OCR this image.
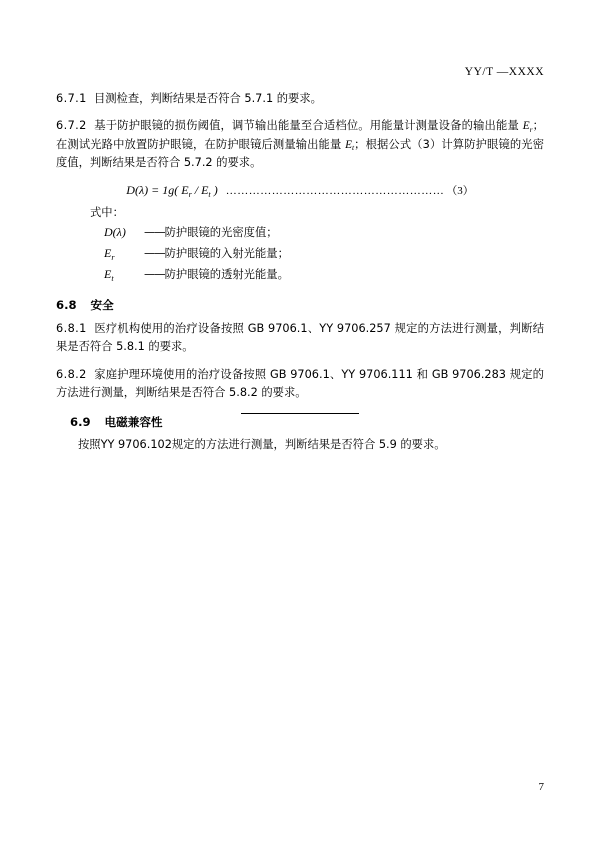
YY/T —XXXX

6.7.1 目测检查，判断结果是否符合 5.7.1 的要求。

6.7.2 基于防护眼镜的损伤阈值，调节输出能量至合适档位。用能量计测量设备的输出能量 $E_r$；在测试光路中放置防护眼镜，在防护眼镜后测量输出能量 $E_t$；根据公式（3）计算防护眼镜的光密度值，判断结果是否符合 5.7.2 的要求。

D(λ) = 1g( $E_r / E_t$ ) ………………………………………………… （3）
式中：
D(λ) ——防护眼镜的光密度值；
$E_r$	——防护眼镜的入射光能量；
$E_t$	——防护眼镜的透射光能量。
6.8 安全

6.8.1 医疗机构使用的治疗设备按照 GB 9706.1、YY 9706.257 规定的方法进行测量，判断结果是否符合 5.8.1 的要求。

6.8.2 家庭护理环境使用的治疗设备按照 GB 9706.1、YY 9706.111 和 GB 9706.283 规定的方法进行测量，判断结果是否符合 5.8.2 的要求。

6.9 电磁兼容性

按照YY 9706.102规定的方法进行测量，判断结果是否符合 5.9 的要求。

7
